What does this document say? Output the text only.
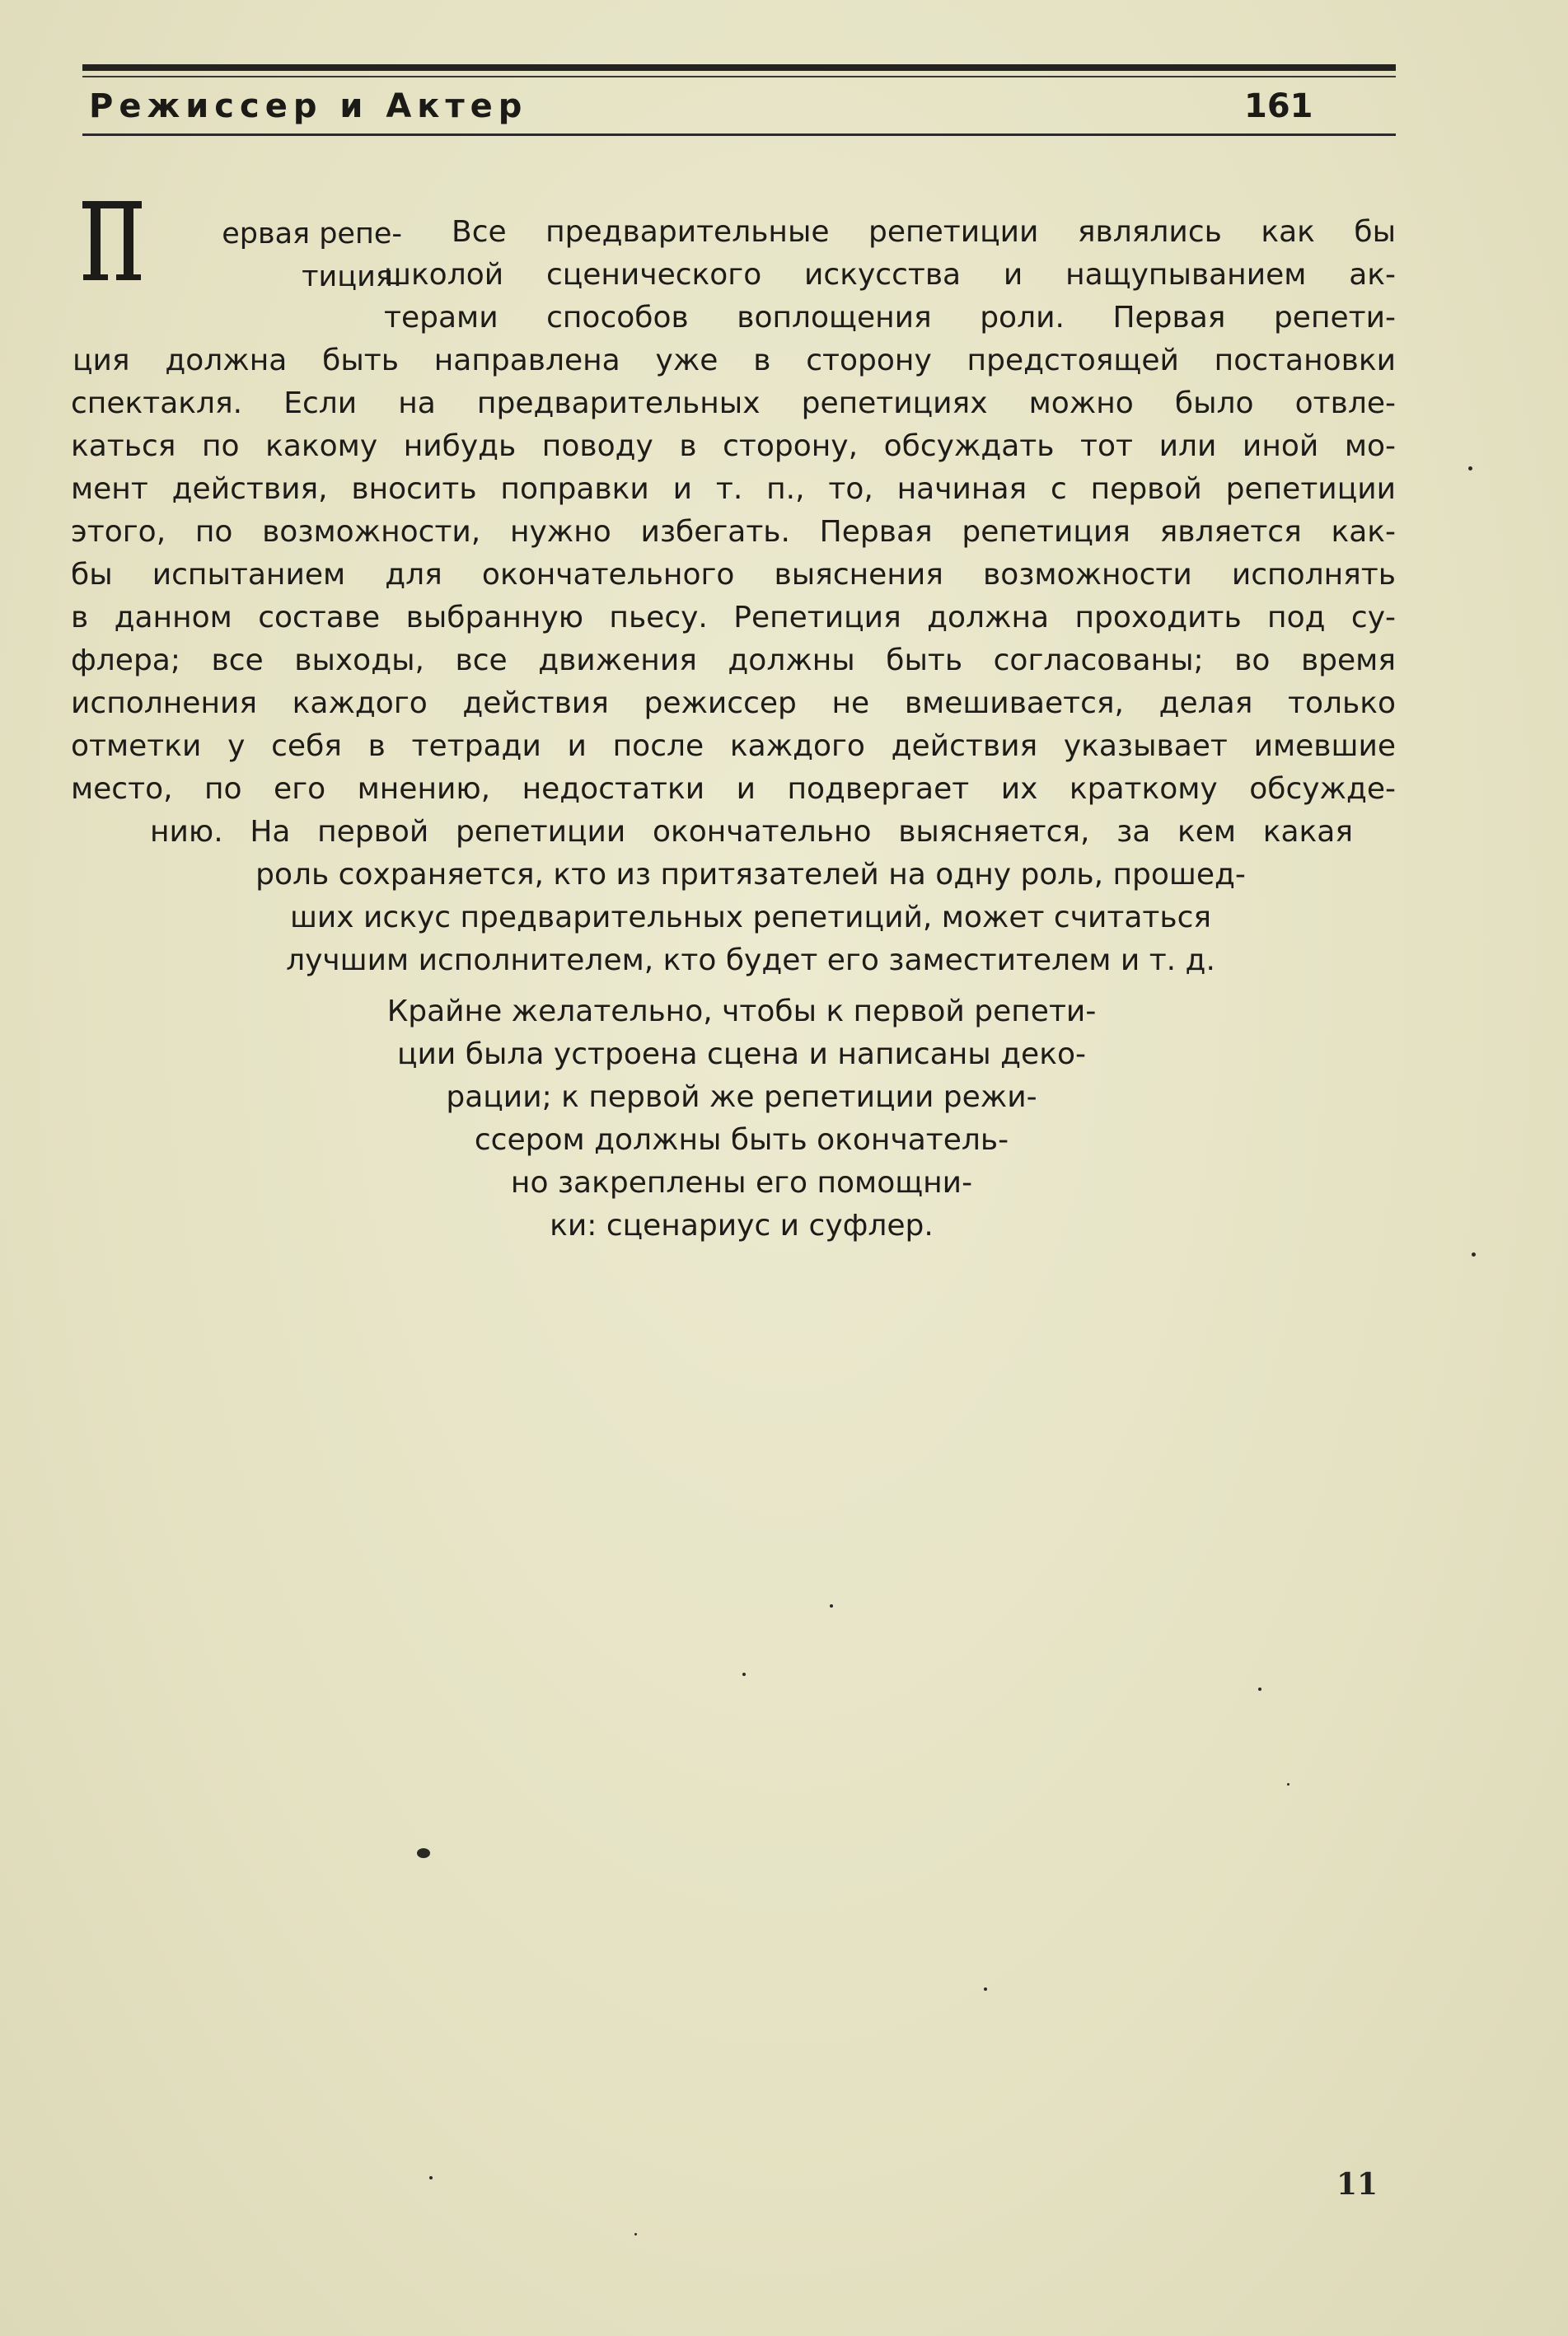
Режиссер и Актер	161
ервая репе-
тиция.
Все предварительные репетиции являлись как бы
школой сценического искусства и нащупыванием ак-
терами способов воплощения роли. Первая репети-
ция должна быть направлена уже в сторону предстоящей постановки
спектакля. Если на предварительных репетициях можно было отвле-
каться по какому нибудь поводу в сторону, обсуждать тот или иной мо-
мент действия, вносить поправки и т. п., то, начиная с первой репетиции
этого, по возможности, нужно избегать. Первая репетиция является как-
бы испытанием для окончательного выяснения возможности исполнять
в данном составе выбранную пьесу. Репетиция должна проходить под су-
флера; все выходы, все движения должны быть согласованы; во время
исполнения каждого действия режиссер не вмешивается, делая только
отметки у себя в тетради и после каждого действия указывает имевшие
место, по его мнению, недостатки и подвергает их краткому обсужде-
нию. На первой репетиции окончательно выясняется, за кем какая
роль сохраняется, кто из притязателей на одну роль, прошед-
ших искус предварительных репетиций, может считаться
лучшим исполнителем, кто будет его заместителем и т. д.
Крайне желательно, чтобы к первой репети-
ции была устроена сцена и написаны деко-
рации; к первой же репетиции режи-
ссером должны быть окончатель-
но закреплены его помощни-
ки: сценариус и суфлер.
11
